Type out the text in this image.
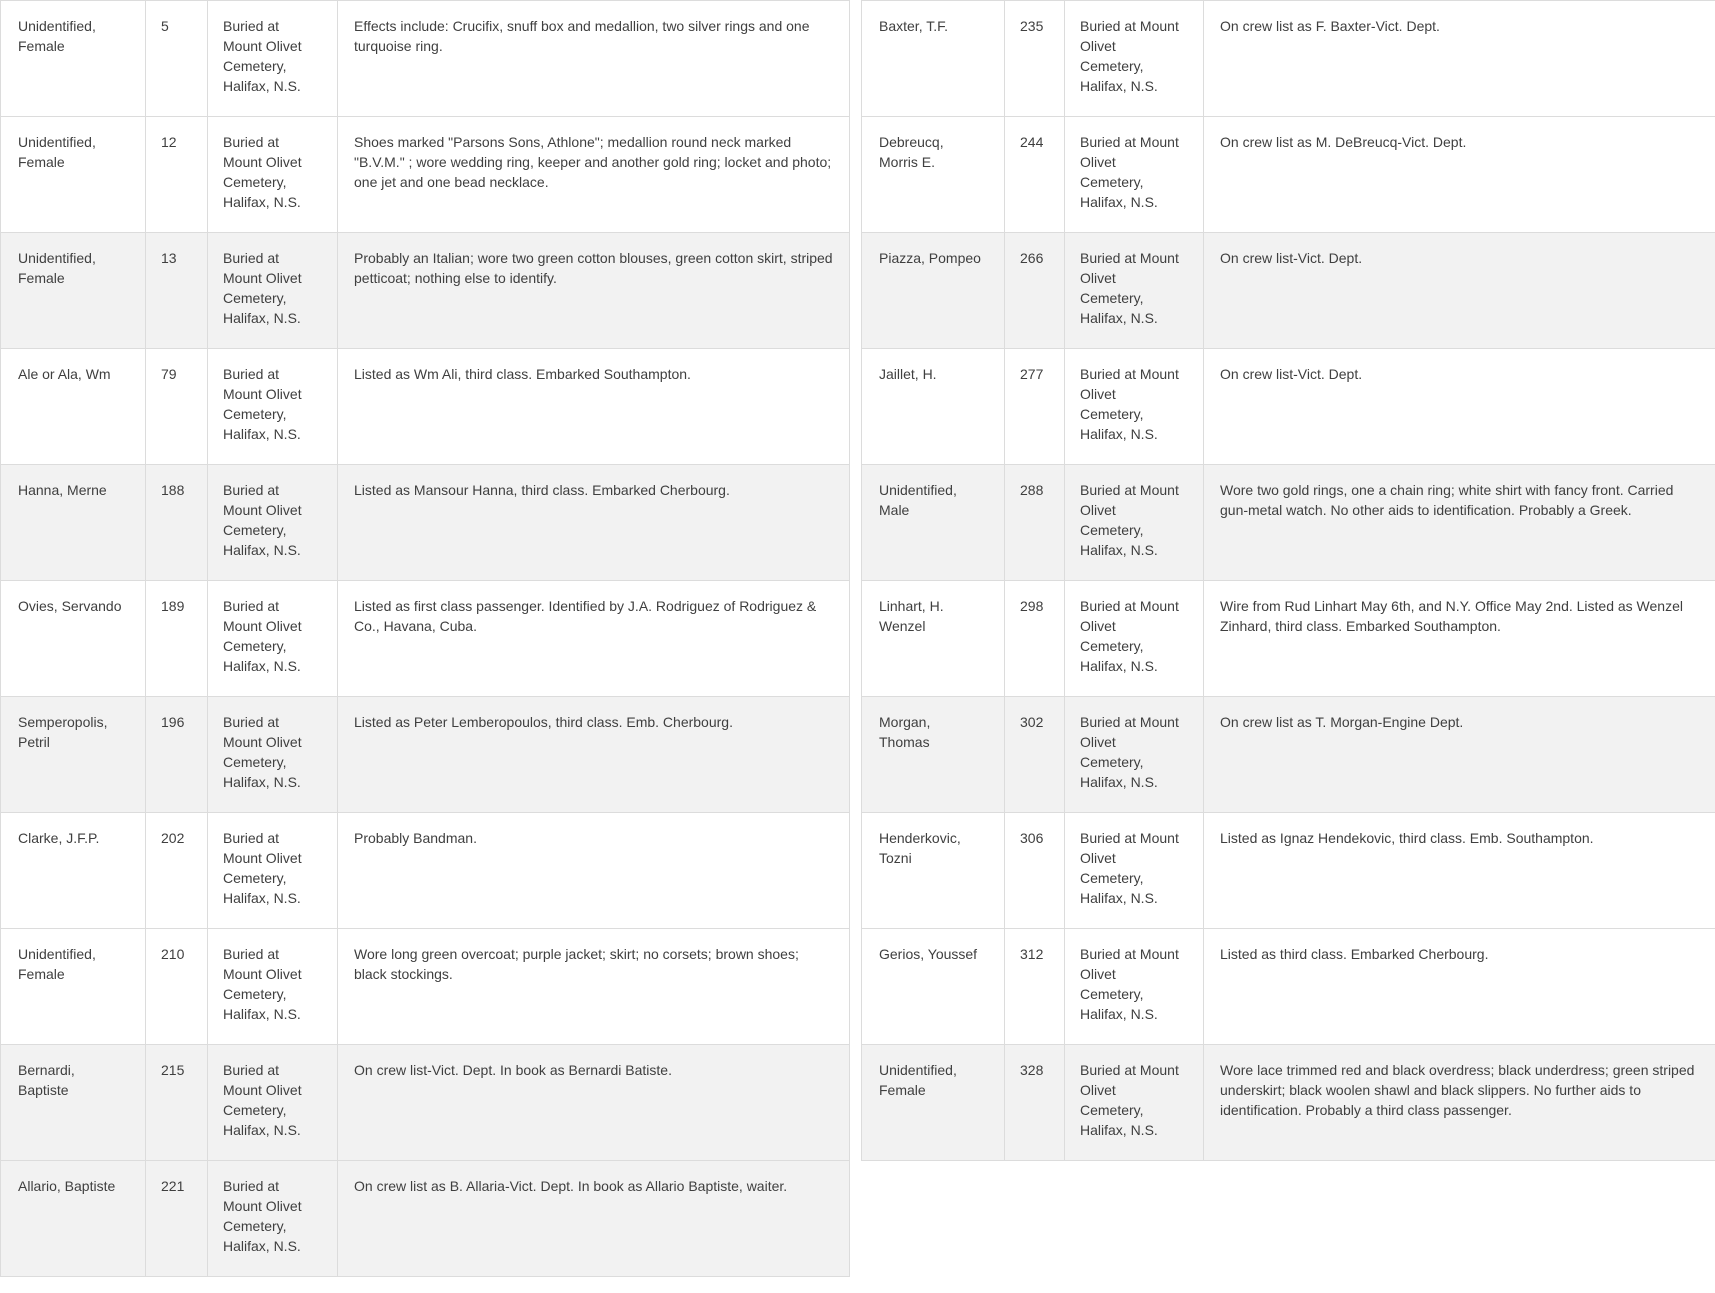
Unidentified, Female	5	Buried at Mount Olivet Cemetery, Halifax, N.S.	Effects include: Crucifix, snuff box and medallion, two silver rings and one turquoise ring.
Unidentified, Female	12	Buried at Mount Olivet Cemetery, Halifax, N.S.	Shoes marked "Parsons Sons, Athlone"; medallion round neck marked "B.V.M." ; wore wedding ring, keeper and another gold ring; locket and photo; one jet and one bead necklace.
Unidentified, Female	13	Buried at Mount Olivet Cemetery, Halifax, N.S.	Probably an Italian; wore two green cotton blouses, green cotton skirt, striped petticoat; nothing else to identify.
Ale or Ala, Wm	79	Buried at Mount Olivet Cemetery, Halifax, N.S.	Listed as Wm Ali, third class. Embarked Southampton.
Hanna, Merne	188	Buried at Mount Olivet Cemetery, Halifax, N.S.	Listed as Mansour Hanna, third class. Embarked Cherbourg.
Ovies, Servando	189	Buried at Mount Olivet Cemetery, Halifax, N.S.	Listed as first class passenger. Identified by J.A. Rodriguez of Rodriguez & Co., Havana, Cuba.
Semperopolis, Petril	196	Buried at Mount Olivet Cemetery, Halifax, N.S.	Listed as Peter Lemberopoulos, third class. Emb. Cherbourg.
Clarke, J.F.P.	202	Buried at Mount Olivet Cemetery, Halifax, N.S.	Probably Bandman.
Unidentified, Female	210	Buried at Mount Olivet Cemetery, Halifax, N.S.	Wore long green overcoat; purple jacket; skirt; no corsets; brown shoes; black stockings.
Bernardi, Baptiste	215	Buried at Mount Olivet Cemetery, Halifax, N.S.	On crew list-Vict. Dept. In book as Bernardi Batiste.
Allario, Baptiste	221	Buried at Mount Olivet Cemetery, Halifax, N.S.	On crew list as B. Allaria-Vict. Dept. In book as Allario Baptiste, waiter.
Baxter, T.F.	235	Buried at Mount Olivet Cemetery, Halifax, N.S.	On crew list as F. Baxter-Vict. Dept.
Debreucq, Morris E.	244	Buried at Mount Olivet Cemetery, Halifax, N.S.	On crew list as M. DeBreucq-Vict. Dept.
Piazza, Pompeo	266	Buried at Mount Olivet Cemetery, Halifax, N.S.	On crew list-Vict. Dept.
Jaillet, H.	277	Buried at Mount Olivet Cemetery, Halifax, N.S.	On crew list-Vict. Dept.
Unidentified, Male	288	Buried at Mount Olivet Cemetery, Halifax, N.S.	Wore two gold rings, one a chain ring; white shirt with fancy front. Carried gun-metal watch. No other aids to identification. Probably a Greek.
Linhart, H. Wenzel	298	Buried at Mount Olivet Cemetery, Halifax, N.S.	Wire from Rud Linhart May 6th, and N.Y. Office May 2nd. Listed as Wenzel Zinhard, third class. Embarked Southampton.
Morgan, Thomas	302	Buried at Mount Olivet Cemetery, Halifax, N.S.	On crew list as T. Morgan-Engine Dept.
Henderkovic, Tozni	306	Buried at Mount Olivet Cemetery, Halifax, N.S.	Listed as Ignaz Hendekovic, third class. Emb. Southampton.
Gerios, Youssef	312	Buried at Mount Olivet Cemetery, Halifax, N.S.	Listed as third class. Embarked Cherbourg.
Unidentified, Female	328	Buried at Mount Olivet Cemetery, Halifax, N.S.	Wore lace trimmed red and black overdress; black underdress; green striped underskirt; black woolen shawl and black slippers. No further aids to identification. Probably a third class passenger.
